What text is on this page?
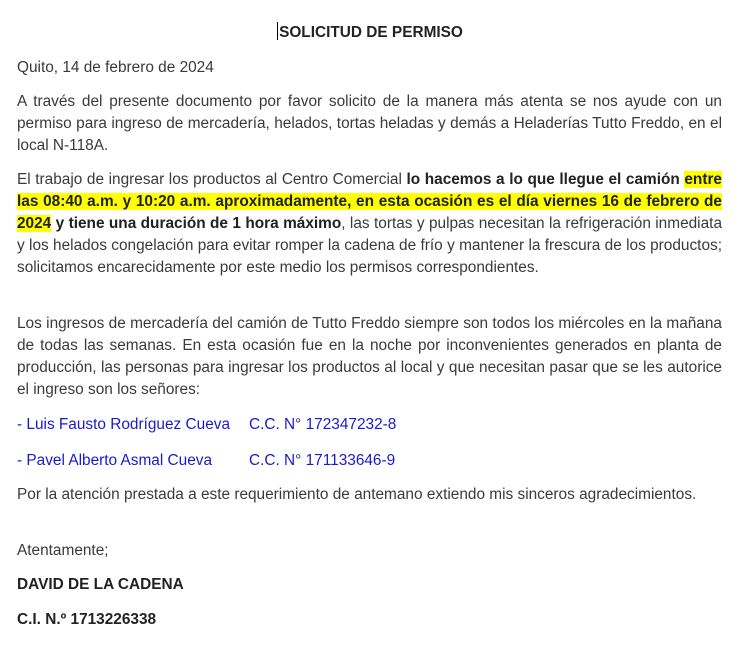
SOLICITUD DE PERMISO

Quito, 14 de febrero de 2024

A través del presente documento por favor solicito de la manera más atenta se nos ayude con un permiso para ingreso de mercadería, helados, tortas heladas y demás a Heladerías Tutto Freddo, en el local N-118A.

El trabajo de ingresar los productos al Centro Comercial lo hacemos a lo que llegue el camión entre las 08:40 a.m. y 10:20 a.m. aproximadamente, en esta ocasión es el día viernes 16 de febrero de 2024 y tiene una duración de 1 hora máximo, las tortas y pulpas necesitan la refrigeración inmediata y los helados congelación para evitar romper la cadena de frío y mantener la frescura de los productos; solicitamos encarecidamente por este medio los permisos correspondientes.

Los ingresos de mercadería del camión de Tutto Freddo siempre son todos los miércoles en la mañana de todas las semanas. En esta ocasión fue en la noche por inconvenientes generados en planta de producción, las personas para ingresar los productos al local y que necesitan pasar que se les autorice el ingreso son los señores:

- Luis Fausto Rodríguez Cueva C.C. N° 172347232-8

- Pavel Alberto Asmal Cueva C.C. N° 171133646-9

Por la atención prestada a este requerimiento de antemano extiendo mis sinceros agradecimientos.

Atentamente;

DAVID DE LA CADENA

C.I. N.º 1713226338
